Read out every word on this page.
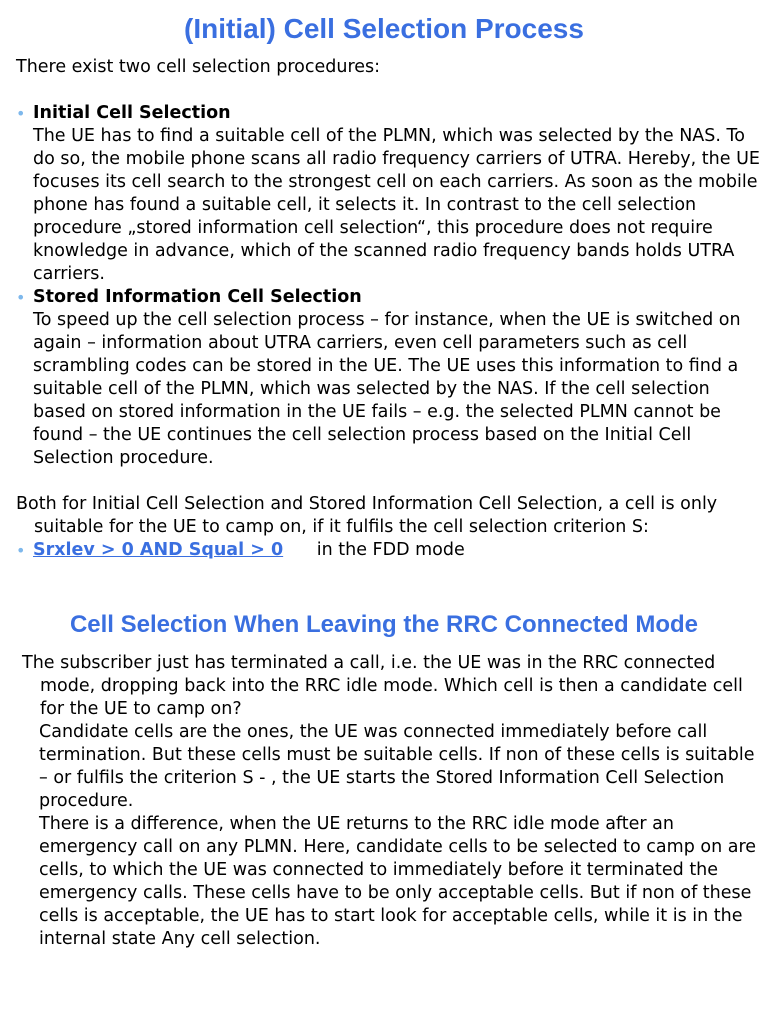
(Initial) Cell Selection Process
There exist two cell selection procedures:
• Initial Cell Selection
The UE has to find a suitable cell of the PLMN, which was selected by the NAS. To do so, the mobile phone scans all radio frequency carriers of UTRA. Hereby, the UE focuses its cell search to the strongest cell on each carriers. As soon as the mobile phone has found a suitable cell, it selects it. In contrast to the cell selection procedure „stored information cell selection“, this procedure does not require knowledge in advance, which of the scanned radio frequency bands holds UTRA carriers.
• Stored Information Cell Selection
To speed up the cell selection process – for instance, when the UE is switched on again – information about UTRA carriers, even cell parameters such as cell scrambling codes can be stored in the UE. The UE uses this information to find a suitable cell of the PLMN, which was selected by the NAS. If the cell selection based on stored information in the UE fails – e.g. the selected PLMN cannot be found – the UE continues the cell selection process based on the Initial Cell Selection procedure.
Both for Initial Cell Selection and Stored Information Cell Selection, a cell is only suitable for the UE to camp on, if it fulfils the cell selection criterion S:
• Srxlev > 0 AND Squal > 0 in the FDD mode
Cell Selection When Leaving the RRC Connected Mode
The subscriber just has terminated a call, i.e. the UE was in the RRC connected mode, dropping back into the RRC idle mode. Which cell is then a candidate cell for the UE to camp on?
Candidate cells are the ones, the UE was connected immediately before call termination. But these cells must be suitable cells. If non of these cells is suitable – or fulfils the criterion S - , the UE starts the Stored Information Cell Selection procedure.
There is a difference, when the UE returns to the RRC idle mode after an emergency call on any PLMN. Here, candidate cells to be selected to camp on are cells, to which the UE was connected to immediately before it terminated the emergency calls. These cells have to be only acceptable cells. But if non of these cells is acceptable, the UE has to start look for acceptable cells, while it is in the internal state Any cell selection.
